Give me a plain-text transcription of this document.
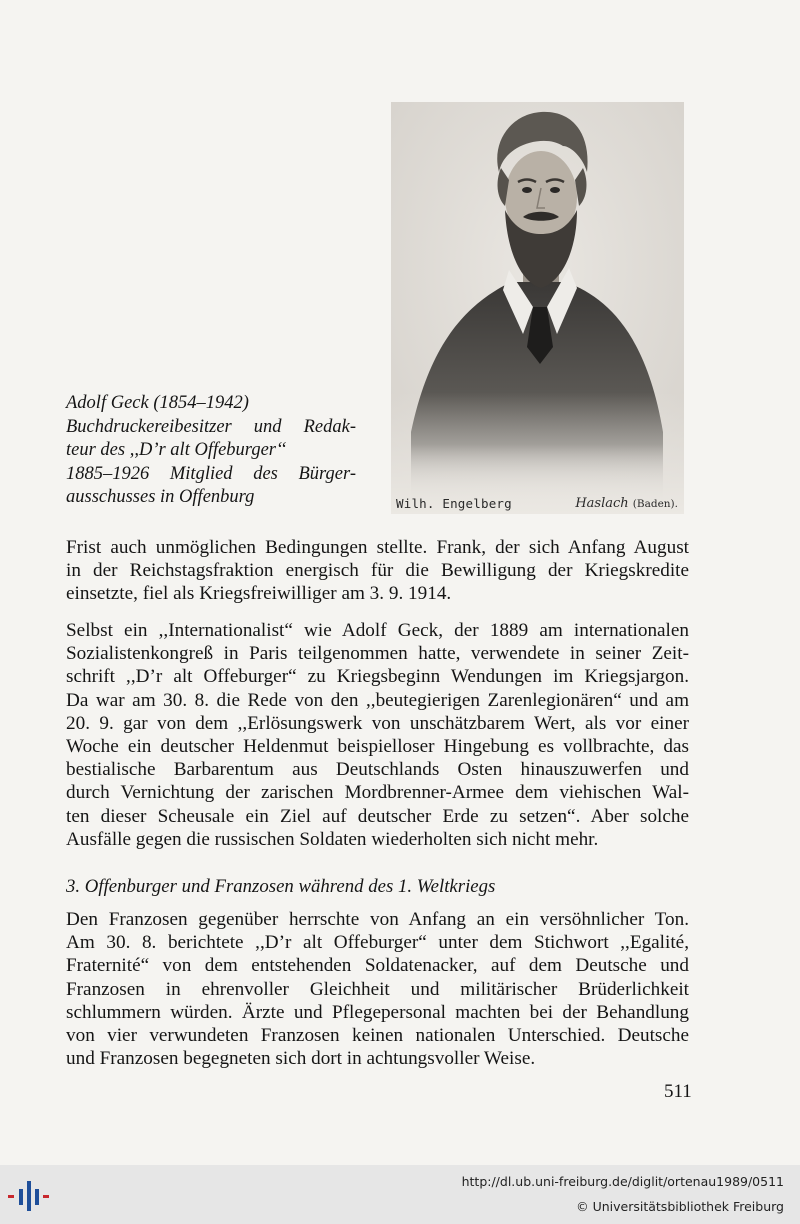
Adolf Geck (1854–1942)
Buchdruckereibesitzer und Redak-
teur des ,,D’r alt Offeburger‘‘
1885–1926 Mitglied des Bürger-
ausschusses in Offenburg	Wilh. Engelberg	Haslach (Baden).
Frist auch unmöglichen Bedingungen stellte. Frank, der sich Anfang August
in der Reichstagsfraktion energisch für die Bewilligung der Kriegskredite
einsetzte, fiel als Kriegsfreiwilliger am 3. 9. 1914.
Selbst ein ,,Internationalist“ wie Adolf Geck, der 1889 am internationalen
Sozialistenkongreß in Paris teilgenommen hatte, verwendete in seiner Zeit-
schrift ,,D’r alt Offeburger“ zu Kriegsbeginn Wendungen im Kriegsjargon.
Da war am 30. 8. die Rede von den ,,beutegierigen Zarenlegionären“ und am
20. 9. gar von dem ,,Erlösungswerk von unschätzbarem Wert, als vor einer
Woche ein deutscher Heldenmut beispielloser Hingebung es vollbrachte, das
bestialische Barbarentum aus Deutschlands Osten hinauszuwerfen und
durch Vernichtung der zarischen Mordbrenner-Armee dem viehischen Wal-
ten dieser Scheusale ein Ziel auf deutscher Erde zu setzen“. Aber solche
Ausfälle gegen die russischen Soldaten wiederholten sich nicht mehr.
3. Offenburger und Franzosen während des 1. Weltkriegs
Den Franzosen gegenüber herrschte von Anfang an ein versöhnlicher Ton.
Am 30. 8. berichtete ,,D’r alt Offeburger“ unter dem Stichwort ,,Egalité,
Fraternité“ von dem entstehenden Soldatenacker, auf dem Deutsche und
Franzosen in ehrenvoller Gleichheit und militärischer Brüderlichkeit
schlummern würden. Ärzte und Pflegepersonal machten bei der Behandlung
von vier verwundeten Franzosen keinen nationalen Unterschied. Deutsche
und Franzosen begegneten sich dort in achtungsvoller Weise.
511
http://dl.ub.uni-freiburg.de/diglit/ortenau1989/0511
© Universitätsbibliothek Freiburg
